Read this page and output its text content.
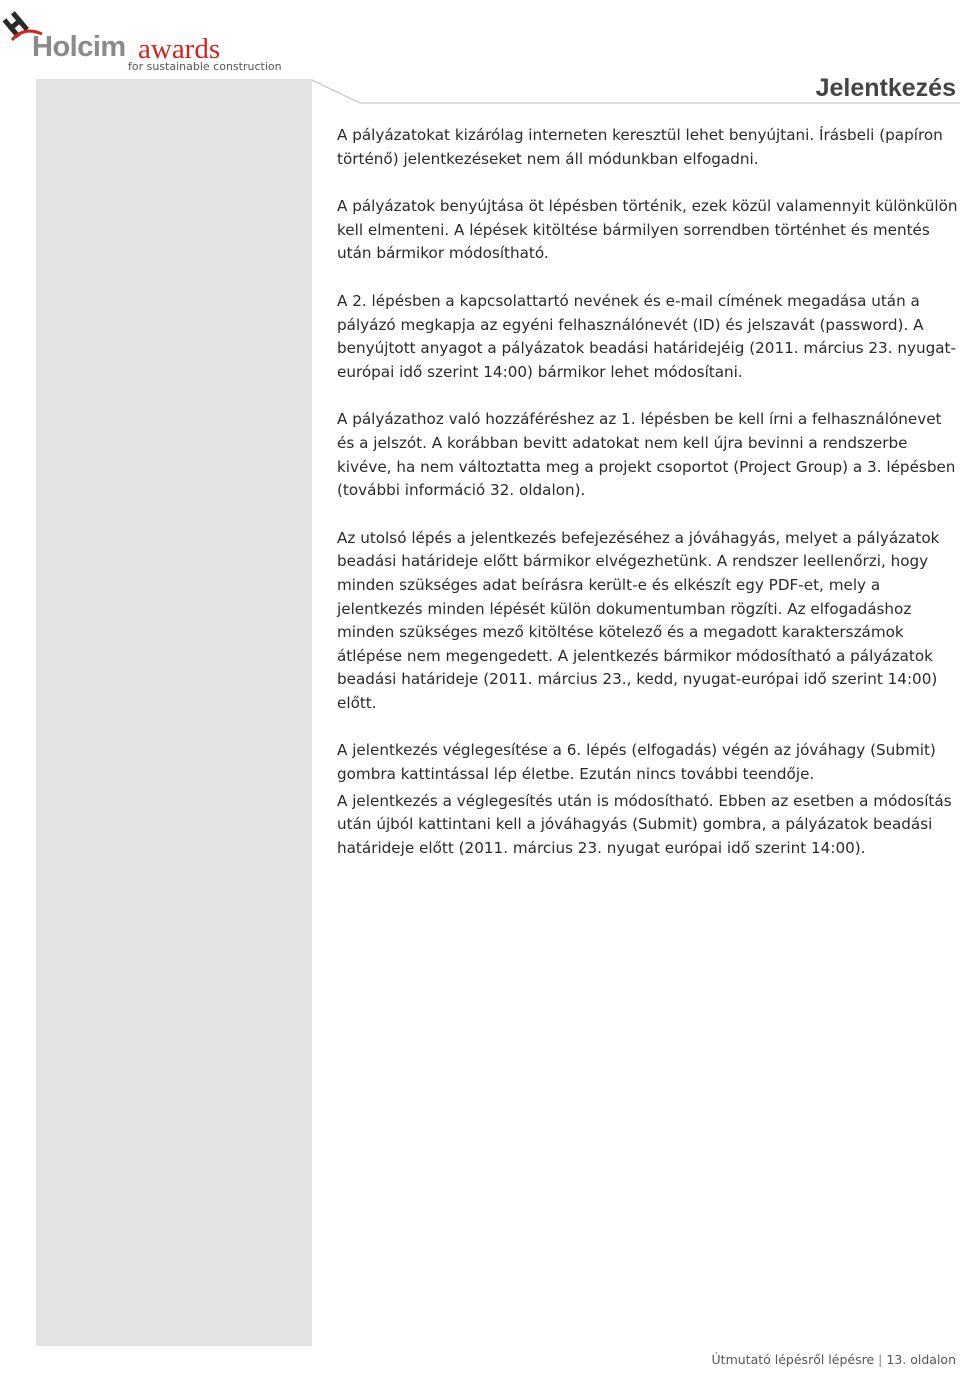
Holcim awards
for sustainable construction
Jelentkezés

A pályázatokat kizárólag interneten keresztül lehet benyújtani. Írásbeli (papíron történő) jelentkezéseket nem áll módunkban elfogadni.

A pályázatok benyújtása öt lépésben történik, ezek közül valamennyit különkülön kell elmenteni. A lépések kitöltése bármilyen sorrendben történhet és mentés után bármikor módosítható.

A 2. lépésben a kapcsolattartó nevének és e-mail címének megadása után a pályázó megkapja az egyéni felhasználónevét (ID) és jelszavát (password). A benyújtott anyagot a pályázatok beadási határidejéig (2011. március 23. nyugat-európai idő szerint 14:00) bármikor lehet módosítani.

A pályázathoz való hozzáféréshez az 1. lépésben be kell írni a felhasználónevet és a jelszót. A korábban bevitt adatokat nem kell újra bevinni a rendszerbe kivéve, ha nem változtatta meg a projekt csoportot (Project Group) a 3. lépésben (további információ 32. oldalon).

Az utolsó lépés a jelentkezés befejezéséhez a jóváhagyás, melyet a pályázatok beadási határideje előtt bármikor elvégezhetünk. A rendszer leellenőrzi, hogy minden szükséges adat beírásra került-e és elkészít egy PDF-et, mely a jelentkezés minden lépését külön dokumentumban rögzíti. Az elfogadáshoz minden szükséges mező kitöltése kötelező és a megadott karakterszámok átlépése nem megengedett. A jelentkezés bármikor módosítható a pályázatok beadási határideje (2011. március 23., kedd, nyugat-európai idő szerint 14:00) előtt.

A jelentkezés véglegesítése a 6. lépés (elfogadás) végén az jóváhagy (Submit) gombra kattintással lép életbe. Ezután nincs további teendője.

A jelentkezés a véglegesítés után is módosítható. Ebben az esetben a módosítás után újból kattintani kell a jóváhagyás (Submit) gombra, a pályázatok beadási határideje előtt (2011. március 23. nyugat európai idő szerint 14:00).

Útmutató lépésről lépésre | 13. oldalon
